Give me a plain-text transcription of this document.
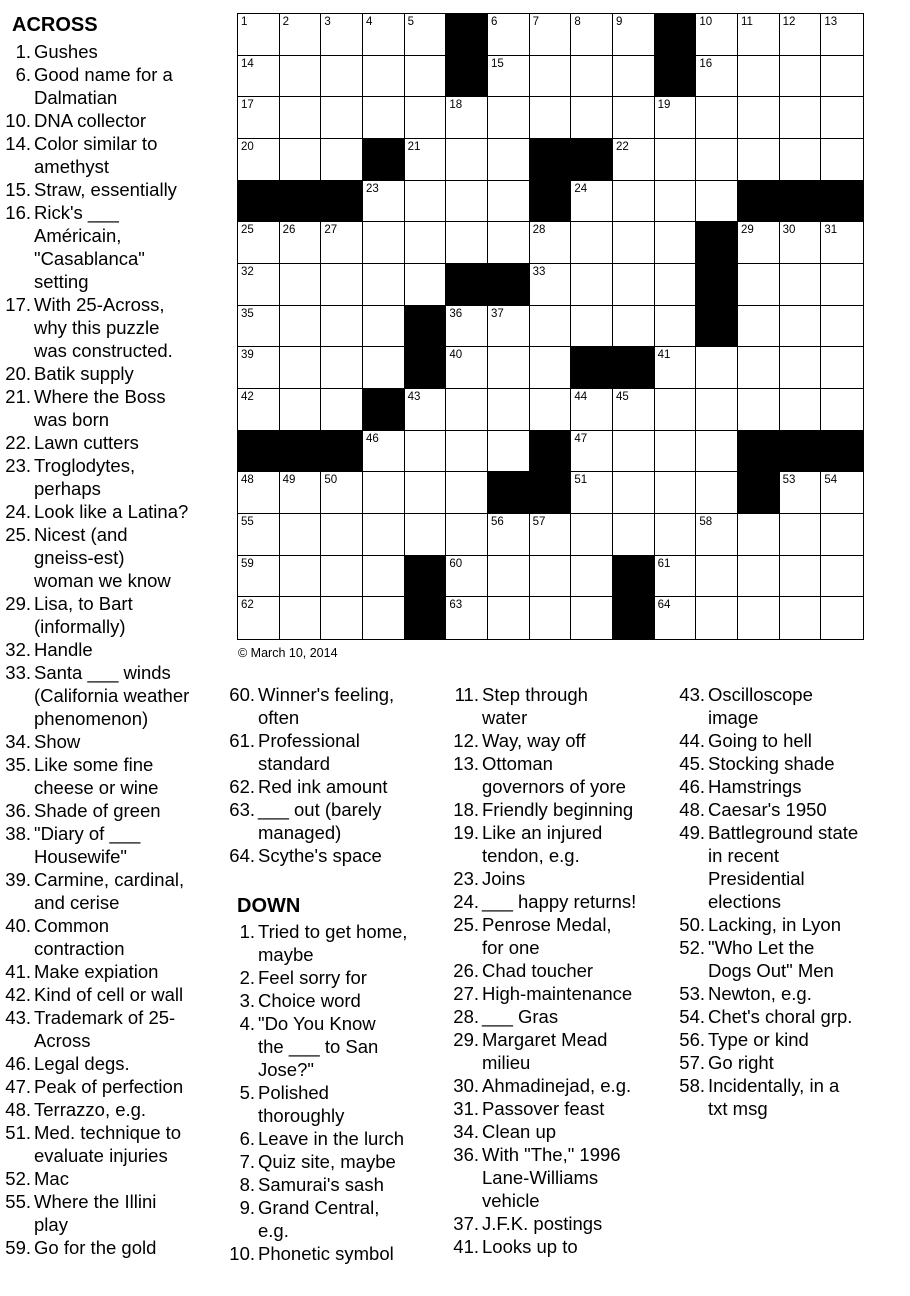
ACROSS
1. Gushes
6. Good name for a
Dalmatian
10. DNA collector
14. Color similar to
amethyst
15. Straw, essentially
16. Rick's ___
Américain,
"Casablanca"
setting
17. With 25-Across,
why this puzzle
was constructed.
20. Batik supply
21. Where the Boss
was born
22. Lawn cutters
23. Troglodytes,
perhaps
24. Look like a Latina?
25. Nicest (and
gneiss-est)
woman we know
29. Lisa, to Bart
(informally)
32. Handle
33. Santa ___ winds
(California weather
phenomenon)
34. Show
35. Like some fine
cheese or wine
36. Shade of green
38. "Diary of ___
Housewife"
39. Carmine, cardinal,
and cerise
40. Common
contraction
41. Make expiation
42. Kind of cell or wall
43. Trademark of 25-
Across
46. Legal degs.
47. Peak of perfection
48. Terrazzo, e.g.
51. Med. technique to
evaluate injuries
52. Mac
55. Where the Illini
play
59. Go for the gold
1	2	3	4	5	6	7	8	9	10	11	12	13
14	15	16
17	18	19
20	21	22
23	24
25	26	27	28	29	30	31
32	33
35	36	37
39	40	41
42	43	44	45
46	47
48	49	50	51	53	54
55	56	57	58
59	60	61
62	63	64
© March 10, 2014
60. Winner's feeling,
often
61. Professional
standard
62. Red ink amount
63. ___ out (barely
managed)
64. Scythe's space
DOWN
1. Tried to get home,
maybe
2. Feel sorry for
3. Choice word
4. "Do You Know
the ___ to San
Jose?"
5. Polished
thoroughly
6. Leave in the lurch
7. Quiz site, maybe
8. Samurai's sash
9. Grand Central,
e.g.
10. Phonetic symbol
11. Step through
water
12. Way, way off
13. Ottoman
governors of yore
18. Friendly beginning
19. Like an injured
tendon, e.g.
23. Joins
24. ___ happy returns!
25. Penrose Medal,
for one
26. Chad toucher
27. High-maintenance
28. ___ Gras
29. Margaret Mead
milieu
30. Ahmadinejad, e.g.
31. Passover feast
34. Clean up
36. With "The," 1996
Lane-Williams
vehicle
37. J.F.K. postings
41. Looks up to
43. Oscilloscope
image
44. Going to hell
45. Stocking shade
46. Hamstrings
48. Caesar's 1950
49. Battleground state
in recent
Presidential
elections
50. Lacking, in Lyon
52. "Who Let the
Dogs Out" Men
53. Newton, e.g.
54. Chet's choral grp.
56. Type or kind
57. Go right
58. Incidentally, in a
txt msg
